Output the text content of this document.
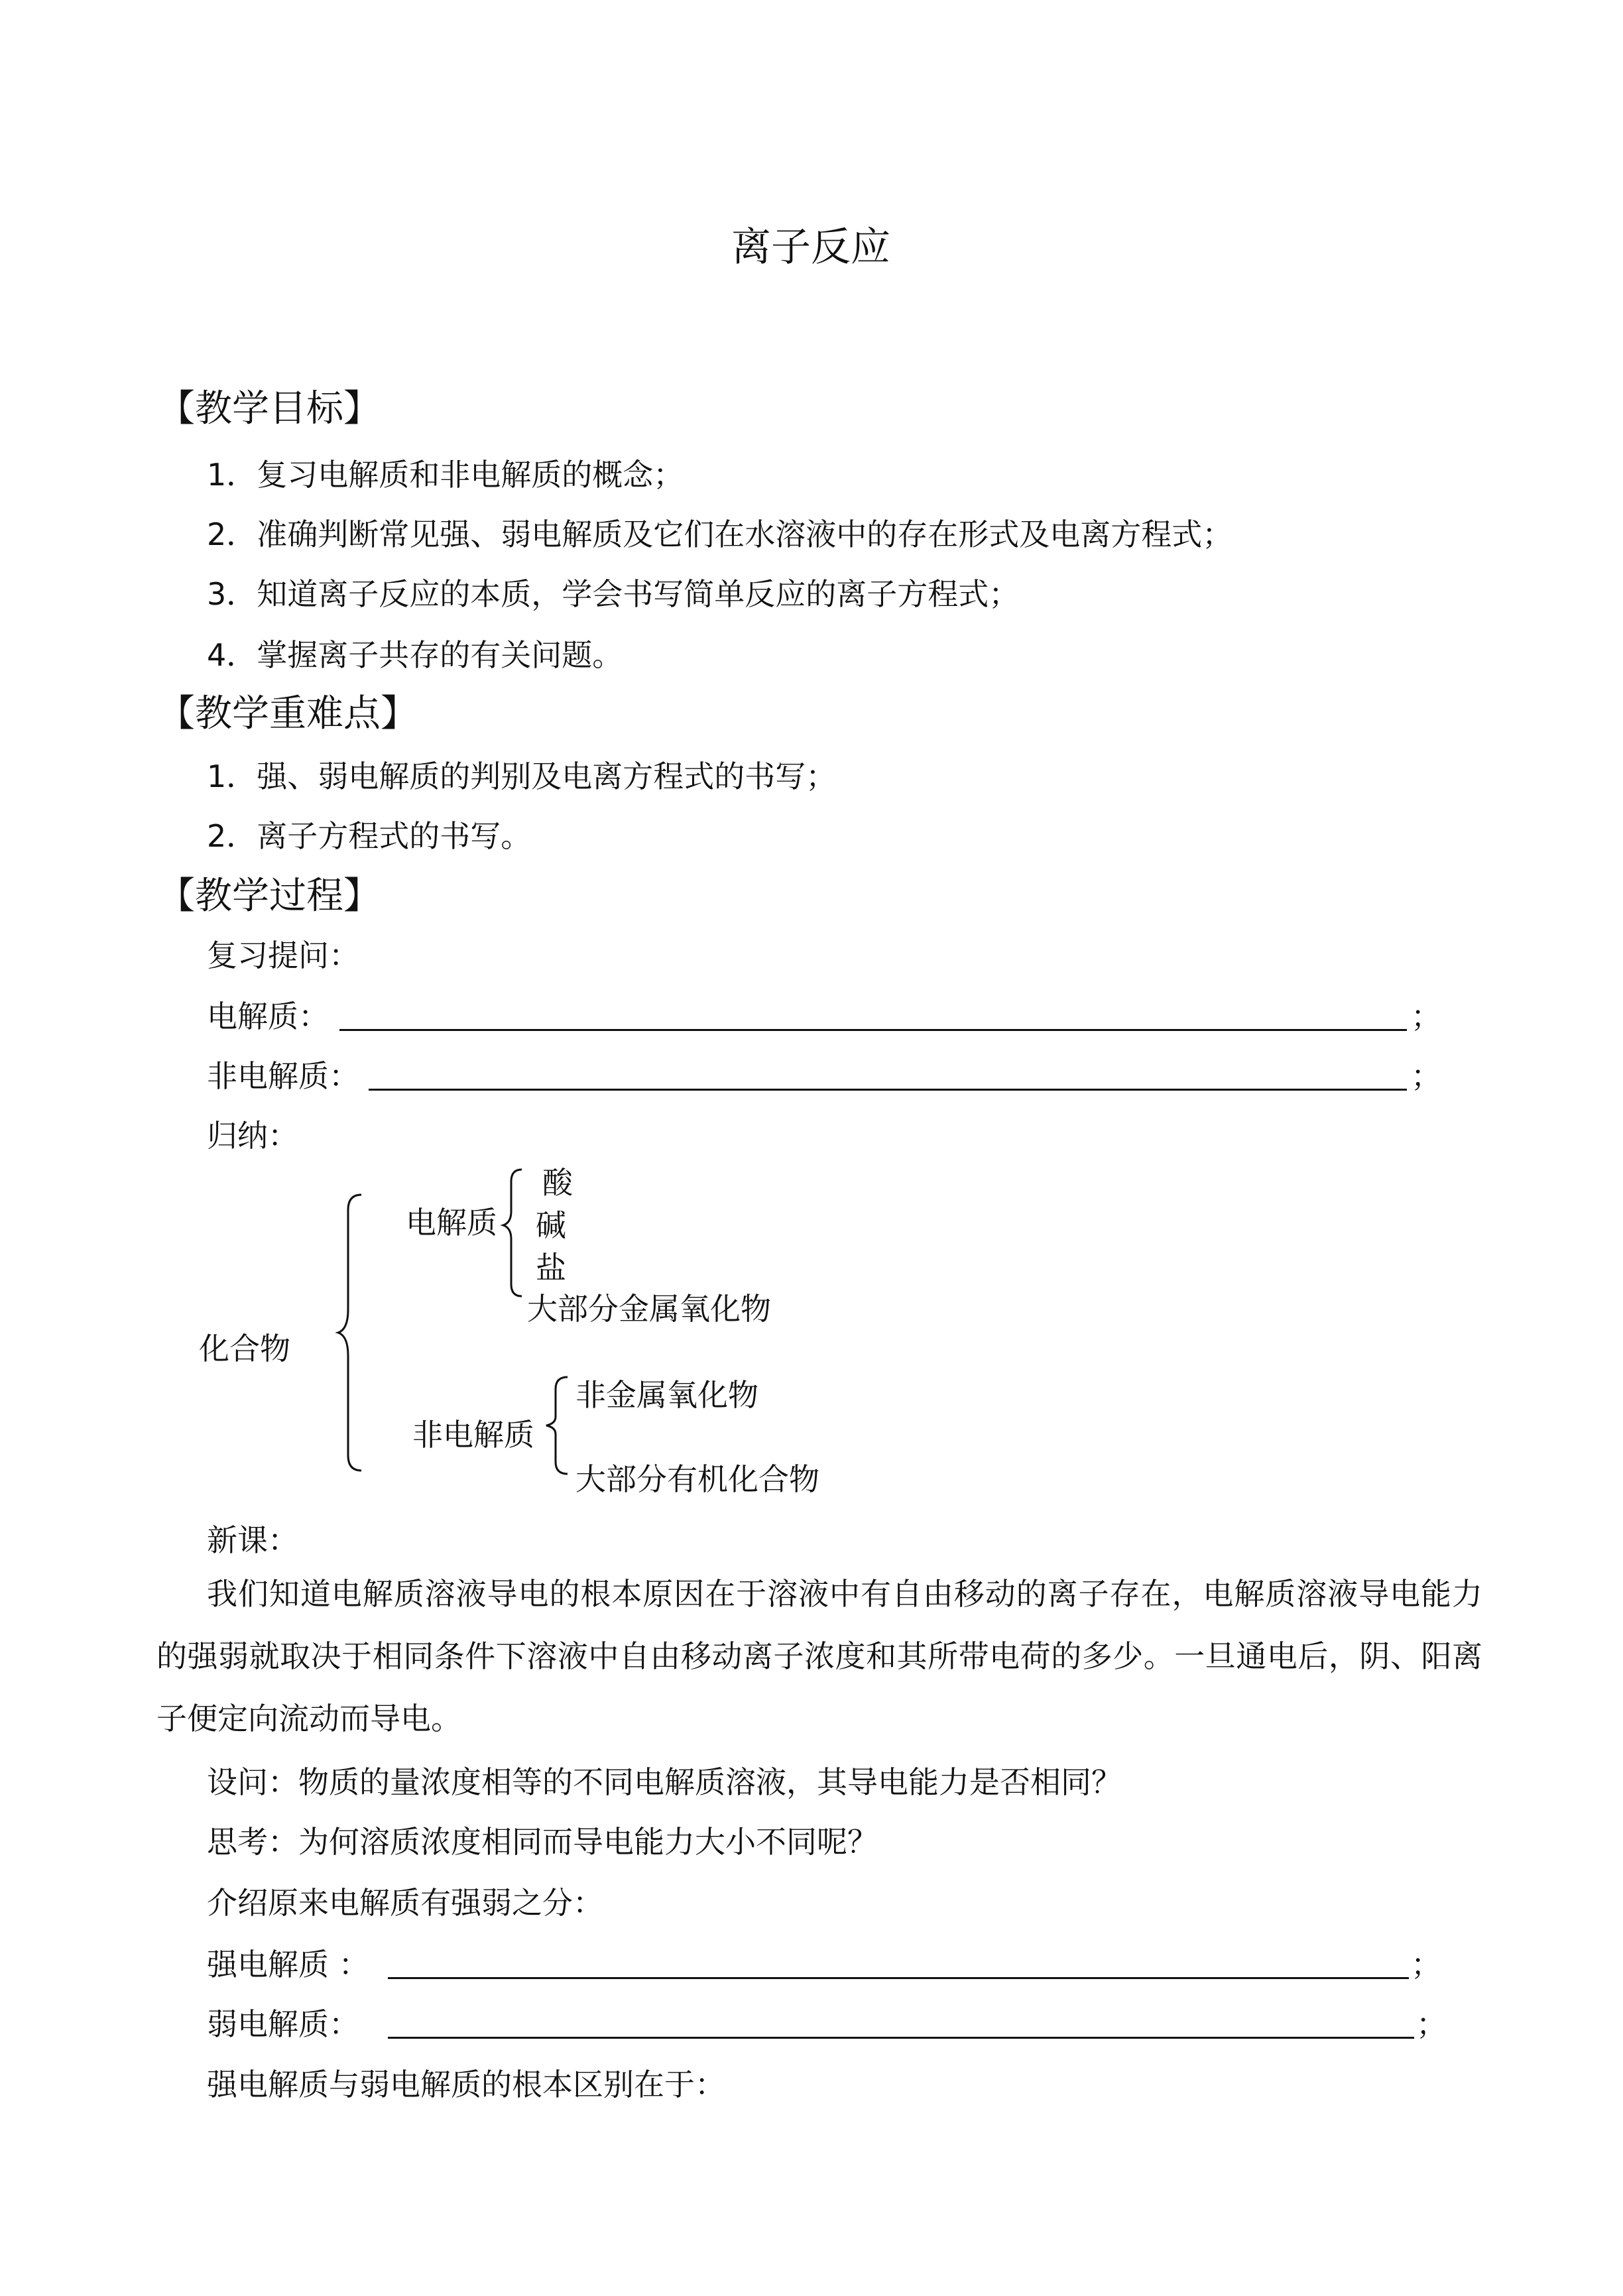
离子反应
【教学目标】
1．复习电解质和非电解质的概念；
2．准确判断常见强、弱电解质及它们在水溶液中的存在形式及电离方程式；
3．知道离子反应的本质，学会书写简单反应的离子方程式；
4．掌握离子共存的有关问题。
【教学重难点】
1．强、弱电解质的判别及电离方程式的书写；
2．离子方程式的书写。
【教学过程】
复习提问：
电解质：	；
非电解质：	；
归纳：
化合物
电解质
酸
碱
盐
大部分金属氧化物
非电解质
非金属氧化物
大部分有机化合物
新课：
我们知道电解质溶液导电的根本原因在于溶液中有自由移动的离子存在，电解质溶液导电能力的强弱就取决于相同条件下溶液中自由移动离子浓度和其所带电荷的多少。一旦通电后，阴、阳离子便定向流动而导电。
设问：物质的量浓度相等的不同电解质溶液，其导电能力是否相同？
思考：为何溶质浓度相同而导电能力大小不同呢？
介绍原来电解质有强弱之分：
强电解质 ：	；
弱电解质：	；
强电解质与弱电解质的根本区别在于：
